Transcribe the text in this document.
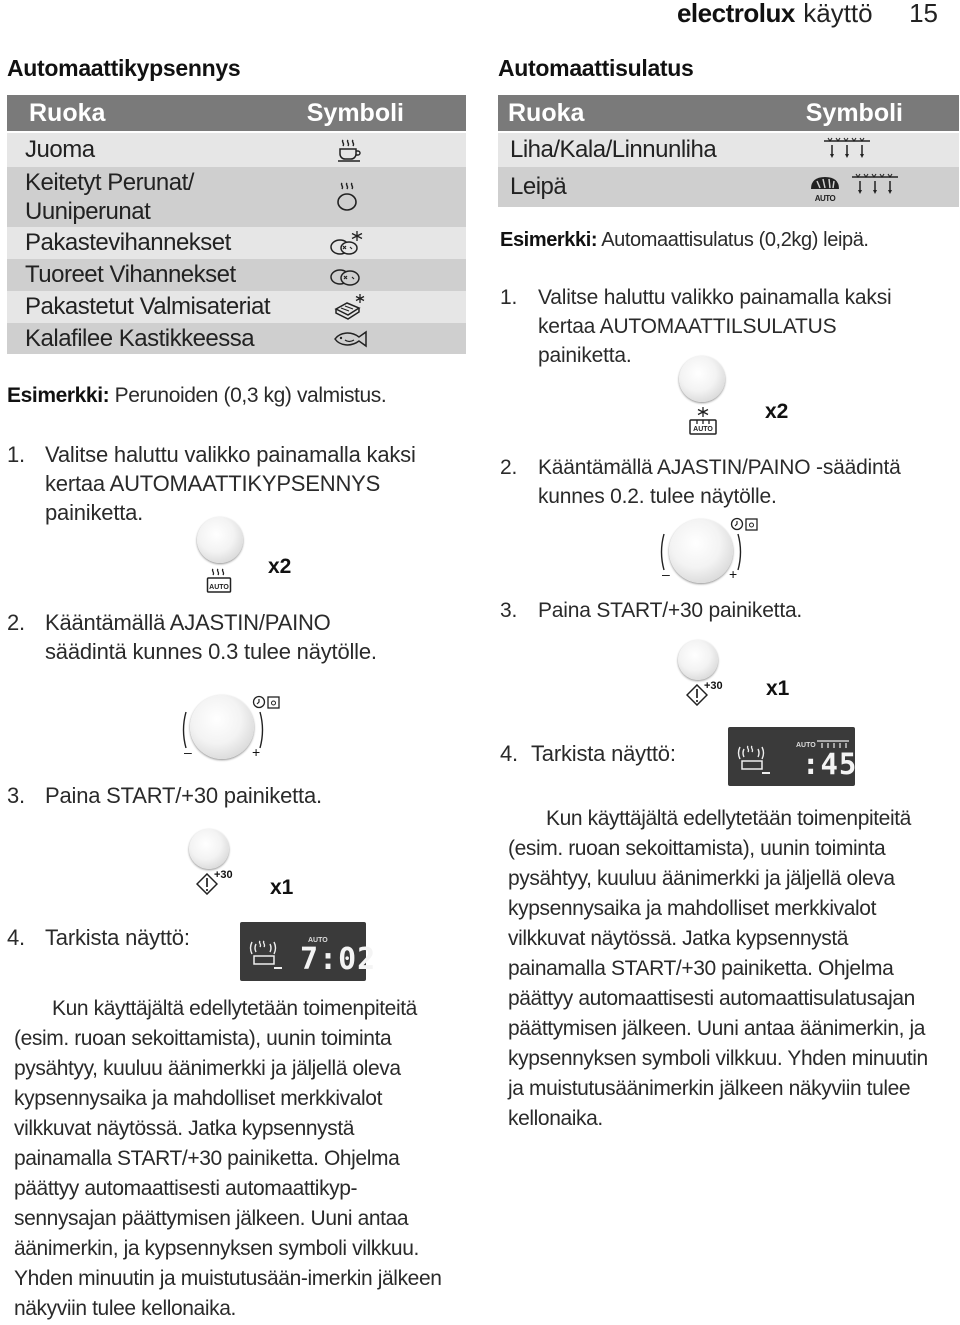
electrolux käyttö 15
Automaattikypsennys
Ruoka	Symboli
Juoma
Keitetyt Perunat/
Uuniperunat
Pakastevihannekset
Tuoreet Vihannekset
Pakastetut Valmisateriat
Kalafilee Kastikkeessa
Esimerkki: Perunoiden (0,3 kg) valmistus.
1. Valitse haluttu valikko painamalla kaksi kertaa AUTOMAATTIKYPSENNYS painiketta.
AUTO
x2
2. Kääntämällä AJASTIN/PAINO säädintä kunnes 0.3 tulee näytölle.
–	+
3. Paina START/+30 painiketta.
+30
x1
4. Tarkista näyttö:	AUTO
7:02
Kun käyttäjältä edellytetään toimenpiteitä (esim. ruoan sekoittamista), uunin toiminta pysähtyy, kuuluu äänimerkki ja jäljellä oleva kypsennysaika ja mahdolliset merkkivalot vilkkuvat näytössä. Jatka kypsennystä painamalla START/+30 painiketta. Ohjelma päättyy automaattisesti automaattikyp-sennysajan päättymisen jälkeen. Uuni antaa äänimerkin, ja kypsennyksen symboli vilkkuu. Yhden minuutin ja muistutusään-imerkin jälkeen näkyviin tulee kellonaika.
Automaattisulatus
Ruoka	Symboli
Liha/Kala/Linnunliha
Leipä	AUTO
Esimerkki: Automaattisulatus (0,2kg) leipä.
1. Valitse haluttu valikko painamalla kaksi kertaa AUTOMAATTILSULATUS painiketta.
AUTO
x2
2. Kääntämällä AJASTIN/PAINO -säädintä kunnes 0.2. tulee näytölle.
–	+
3. Paina START/+30 painiketta.
+30 x1
4. Tarkista näyttö:	AUTO
:45
Kun käyttäjältä edellytetään toimenpiteitä (esim. ruoan sekoittamista), uunin toiminta pysähtyy, kuuluu äänimerkki ja jäljellä oleva kypsennysaika ja mahdolliset merkkivalot vilkkuvat näytössä. Jatka kypsennystä painamalla START/+30 painiketta. Ohjelma päättyy automaattisesti automaattisulatusajan päättymisen jälkeen. Uuni antaa äänimerkin, ja kypsennyksen symboli vilkkuu. Yhden minuutin ja muistutusäänimerkin jälkeen näkyviin tulee kellonaika.
